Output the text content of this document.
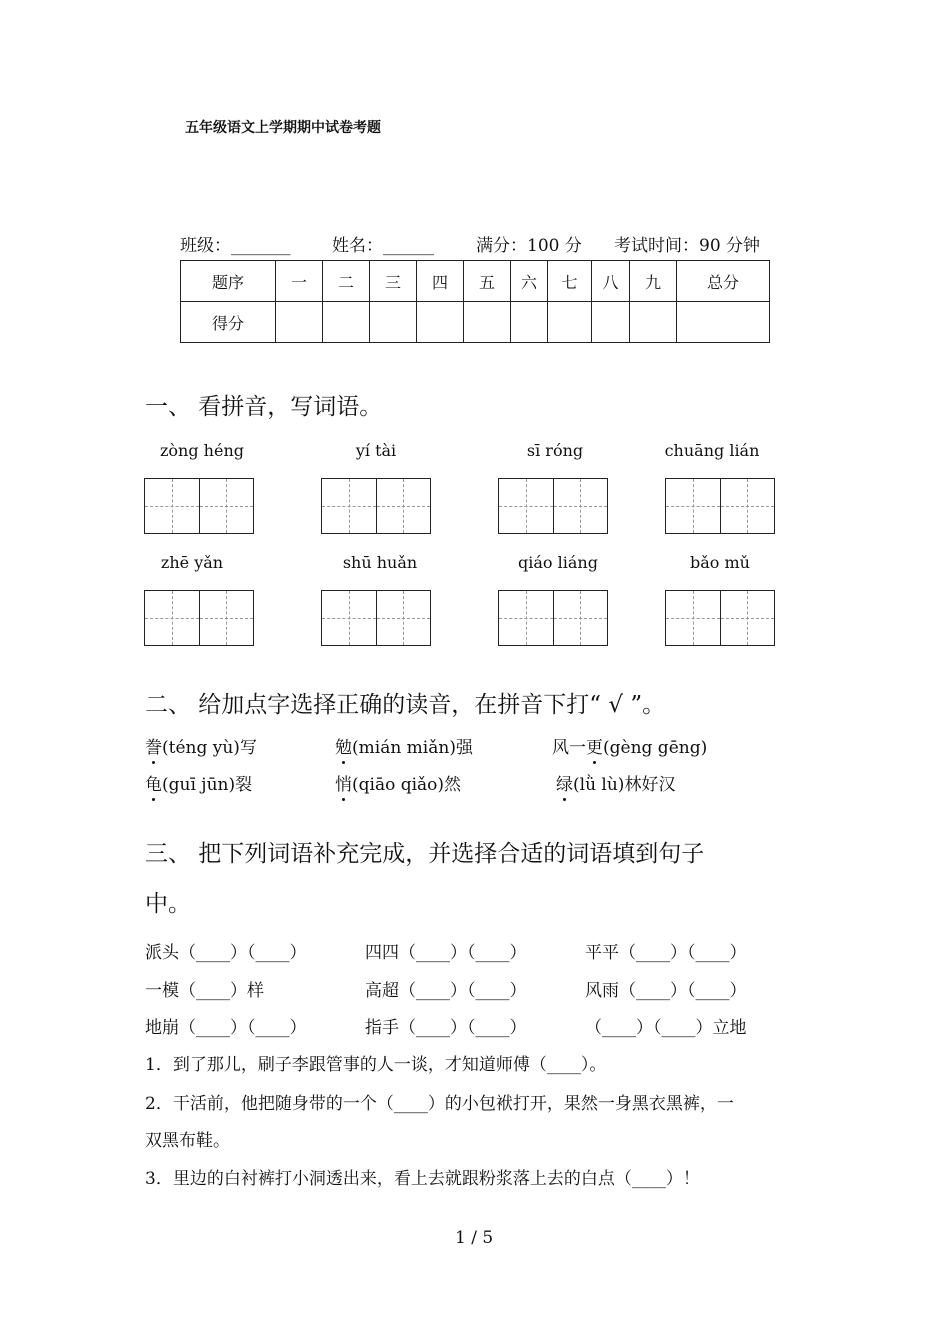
五年级语文上学期期中试卷考题
班级：_______ 姓名：______ 满分：100 分 考试时间：90 分钟
题序	一	二	三	四	五	六	七	八	九	总分
得分										
一、 看拼音，写词语。
zòng héng	yí tài	sī róng	chuāng lián
zhē yǎn	shū huǎn	qiáo liáng	bǎo mǔ
二、 给加点字选择正确的读音，在拼音下打“ √ ”。
誊(téng yù)写	勉(mián miǎn)强	风一更(gèng gēng)
龟(guī jūn)裂	悄(qiāo qiǎo)然	绿(lǜ lù)林好汉
三、 把下列词语补充完成，并选择合适的词语填到句子
中。
派头（____）（____）	四四（____）（____）	平平（____）（____）
一模（____）样	高超（____）（____）	风雨（____）（____）
地崩（____）（____）	指手（____）（____）	（____）（____）立地
1．到了那儿，刷子李跟管事的人一谈，才知道师傅（____）。
2．干活前，他把随身带的一个（____）的小包袱打开，果然一身黑衣黑裤，一
双黑布鞋。
3．里边的白衬裤打小洞透出来，看上去就跟粉浆落上去的白点（____）！
1 / 5
